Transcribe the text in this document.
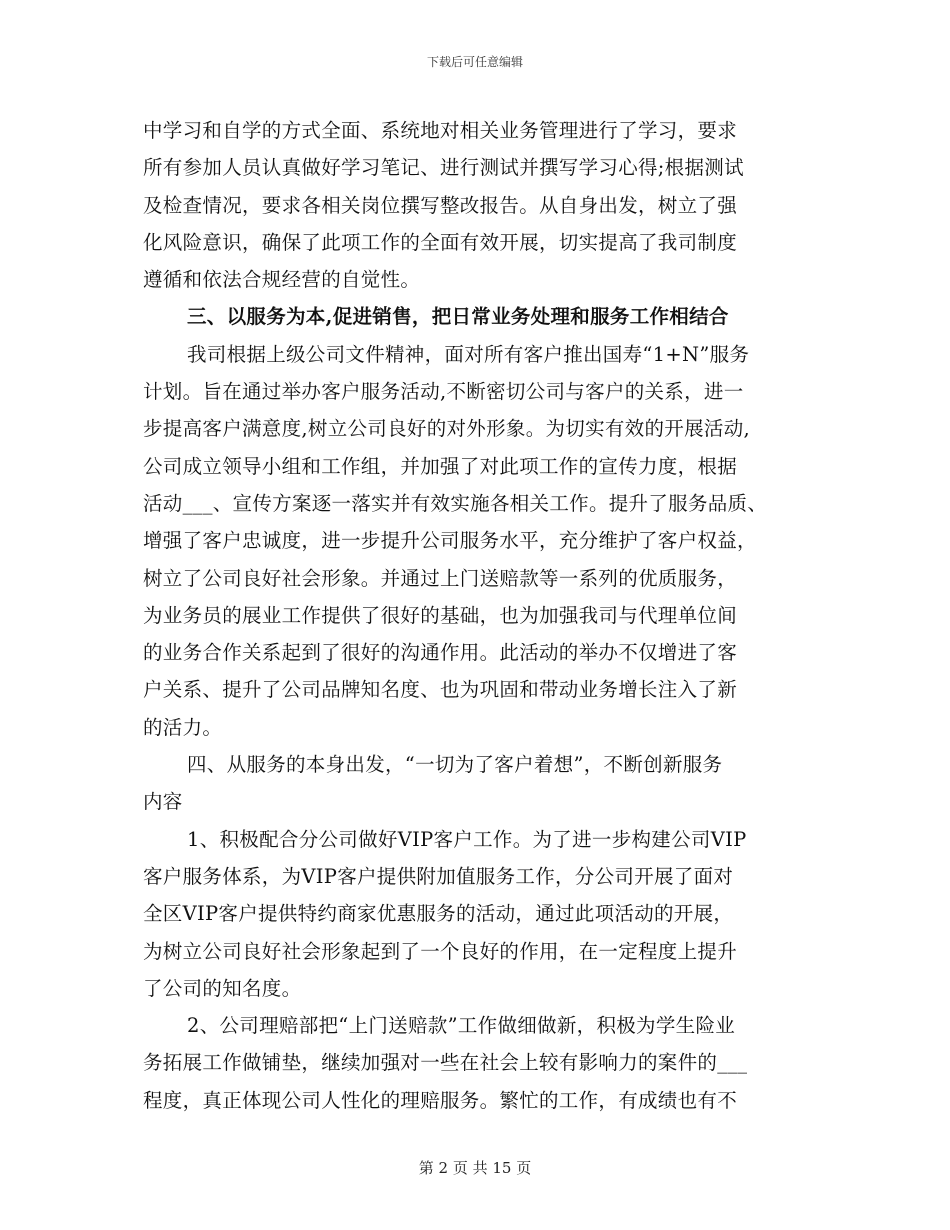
下载后可任意编辑
中学习和自学的方式全面、系统地对相关业务管理进行了学习，要求
所有参加人员认真做好学习笔记、进行测试并撰写学习心得;根据测试
及检查情况，要求各相关岗位撰写整改报告。从自身出发，树立了强
化风险意识，确保了此项工作的全面有效开展，切实提高了我司制度
遵循和依法合规经营的自觉性。
三、以服务为本,促进销售，把日常业务处理和服务工作相结合
我司根据上级公司文件精神，面对所有客户推出国寿“1+N”服务
计划。旨在通过举办客户服务活动,不断密切公司与客户的关系，进一
步提高客户满意度,树立公司良好的对外形象。为切实有效的开展活动,
公司成立领导小组和工作组，并加强了对此项工作的宣传力度，根据
活动___、宣传方案逐一落实并有效实施各相关工作。提升了服务品质、
增强了客户忠诚度，进一步提升公司服务水平，充分维护了客户权益，
树立了公司良好社会形象。并通过上门送赔款等一系列的优质服务，
为业务员的展业工作提供了很好的基础，也为加强我司与代理单位间
的业务合作关系起到了很好的沟通作用。此活动的举办不仅增进了客
户关系、提升了公司品牌知名度、也为巩固和带动业务增长注入了新
的活力。
四、从服务的本身出发，“一切为了客户着想”，不断创新服务
内容
1、积极配合分公司做好VIP客户工作。为了进一步构建公司VIP
客户服务体系，为VIP客户提供附加值服务工作，分公司开展了面对
全区VIP客户提供特约商家优惠服务的活动，通过此项活动的开展，
为树立公司良好社会形象起到了一个良好的作用，在一定程度上提升
了公司的知名度。
2、公司理赔部把“上门送赔款”工作做细做新，积极为学生险业
务拓展工作做铺垫，继续加强对一些在社会上较有影响力的案件的___
程度，真正体现公司人性化的理赔服务。繁忙的工作，有成绩也有不
第 2 页 共 15 页
